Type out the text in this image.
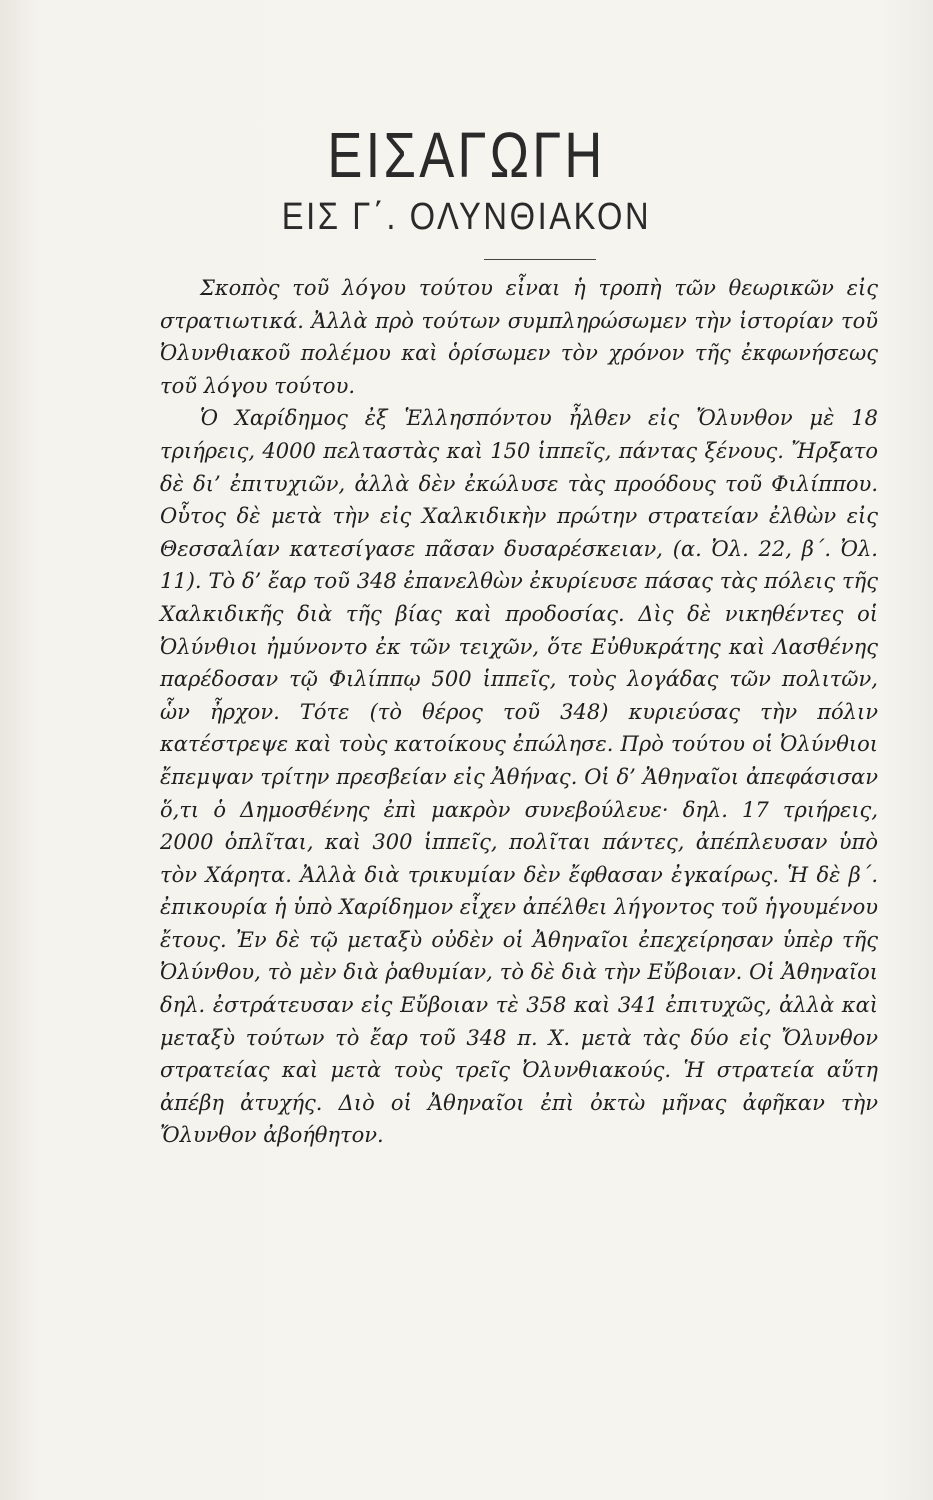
ΕΙΣΑΓΩΓΗ
ΕΙΣ Γ΄. ΟΛΥΝΘΙΑΚΟΝ

Σκοπὸς τοῦ λόγου τούτου εἶναι ἡ τροπὴ τῶν θεωρικῶν εἰς στρατιωτικά. Ἀλλὰ πρὸ τούτων συμπληρώσωμεν τὴν ἱστορίαν τοῦ Ὀλυνθιακοῦ πολέμου καὶ ὁρίσωμεν τὸν χρόνον τῆς ἐκφωνήσεως τοῦ λόγου τούτου.

Ὁ Χαρίδημος ἐξ Ἑλλησπόντου ἦλθεν εἰς Ὄλυνθον μὲ 18 τριήρεις, 4000 πελταστὰς καὶ 150 ἱππεῖς, πάντας ξένους. Ἤρξατο δὲ δι’ ἐπιτυχιῶν, ἀλλὰ δὲν ἐκώλυσε τὰς προόδους τοῦ Φιλίππου. Οὗτος δὲ μετὰ τὴν εἰς Χαλκιδικὴν πρώτην στρατείαν ἐλθὼν εἰς Θεσσαλίαν κατεσίγασε πᾶσαν δυσαρέσκειαν, (α. Ὀλ. 22, β΄. Ὀλ. 11). Τὸ δ’ ἔαρ τοῦ 348 ἐπανελθὼν ἐκυρίευσε πάσας τὰς πόλεις τῆς Χαλκιδικῆς διὰ τῆς βίας καὶ προδοσίας. Δὶς δὲ νικηθέντες οἱ Ὀλύνθιοι ἠμύνοντο ἐκ τῶν τειχῶν, ὅτε Εὐθυκράτης καὶ Λασθένης παρέδοσαν τῷ Φιλίππῳ 500 ἱππεῖς, τοὺς λογάδας τῶν πολιτῶν, ὧν ἦρχον. Τότε (τὸ θέρος τοῦ 348) κυριεύσας τὴν πόλιν κατέστρεψε καὶ τοὺς κατοίκους ἐπώλησε. Πρὸ τούτου οἱ Ὀλύνθιοι ἔπεμψαν τρίτην πρεσβείαν εἰς Ἀθήνας. Οἱ δ’ Ἀθηναῖοι ἀπεφάσισαν ὅ,τι ὁ Δημοσθένης ἐπὶ μακρὸν συνεβούλευε· δηλ. 17 τριήρεις, 2000 ὁπλῖται, καὶ 300 ἱππεῖς, πολῖται πάντες, ἀπέπλευσαν ὑπὸ τὸν Χάρητα. Ἀλλὰ διὰ τρικυμίαν δὲν ἔφθασαν ἐγκαίρως. Ἡ δὲ β΄. ἐπικουρία ἡ ὑπὸ Χαρίδημον εἶχεν ἀπέλθει λήγοντος τοῦ ἡγουμένου ἔτους. Ἐν δὲ τῷ μεταξὺ οὐδὲν οἱ Ἀθηναῖοι ἐπεχείρησαν ὑπὲρ τῆς Ὀλύνθου, τὸ μὲν διὰ ῥαθυμίαν, τὸ δὲ διὰ τὴν Εὔβοιαν. Οἱ Ἀθηναῖοι δηλ. ἐστράτευσαν εἰς Εὔβοιαν τὲ 358 καὶ 341 ἐπιτυχῶς, ἀλλὰ καὶ μεταξὺ τούτων τὸ ἔαρ τοῦ 348 π. Χ. μετὰ τὰς δύο εἰς Ὄλυνθον στρατείας καὶ μετὰ τοὺς τρεῖς Ὀλυνθιακούς. Ἡ στρατεία αὕτη ἀπέβη ἀτυχής. Διὸ οἱ Ἀθηναῖοι ἐπὶ ὀκτὼ μῆνας ἀφῆκαν τὴν Ὄλυνθον ἀβοήθητον.
